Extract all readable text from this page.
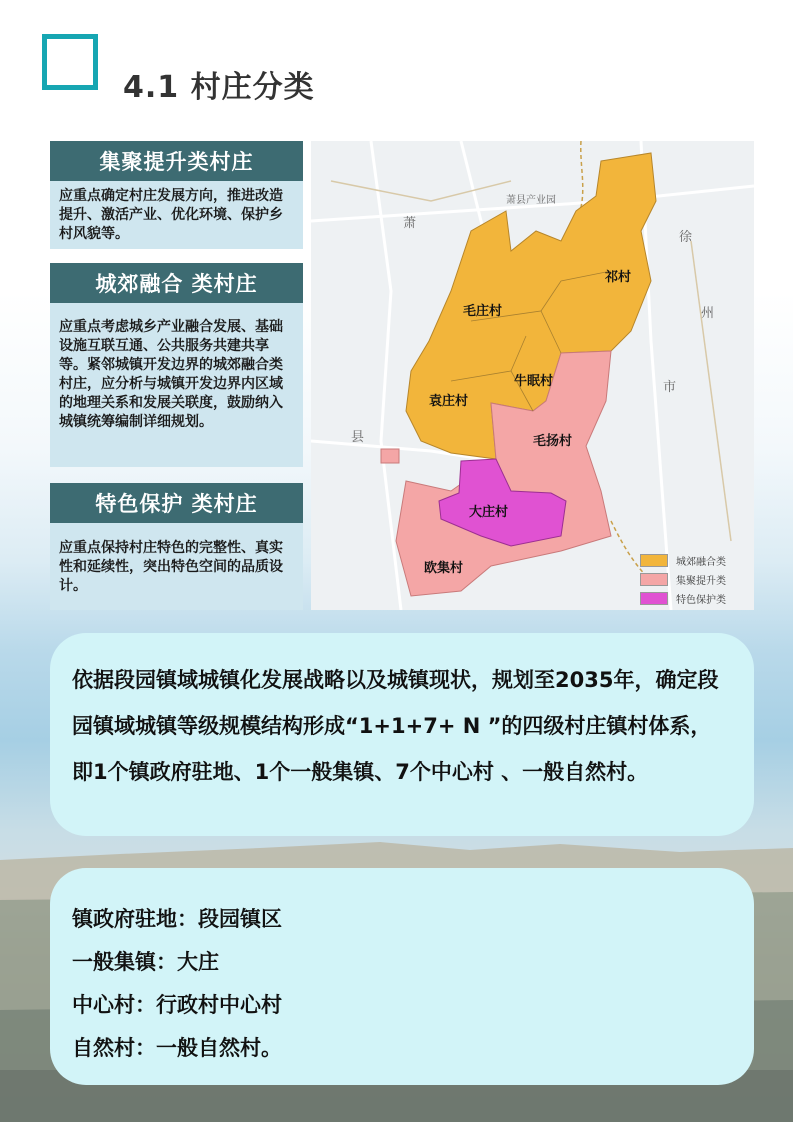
4.1 村庄分类
集聚提升类村庄
应重点确定村庄发展方向，推进改造提升、激活产业、优化环境、保护乡村风貌等。
城郊融合 类村庄
应重点考虑城乡产业融合发展、基础设施互联互通、公共服务共建共享等。紧邻城镇开发边界的城郊融合类村庄，应分析与城镇开发边界内区域的地理关系和发展关联度，鼓励纳入城镇统筹编制详细规划。
特色保护 类村庄
应重点保持村庄特色的完整性、真实性和延续性，突出特色空间的品质设计。
萧县产业园
萧
县
徐
州
市
毛庄村
祁村
牛眠村
袁庄村
毛扬村
大庄村
欧集村	城郊融合类
集聚提升类
特色保护类
依据段园镇域城镇化发展战略以及城镇现状，规划至2035年，确定段园镇域城镇等级规模结构形成“1+1+7+ N ”的四级村庄镇村体系，即1个镇政府驻地、1个一般集镇、7个中心村 、一般自然村。
镇政府驻地：段园镇区
一般集镇：大庄
中心村：行政村中心村
自然村：一般自然村。
